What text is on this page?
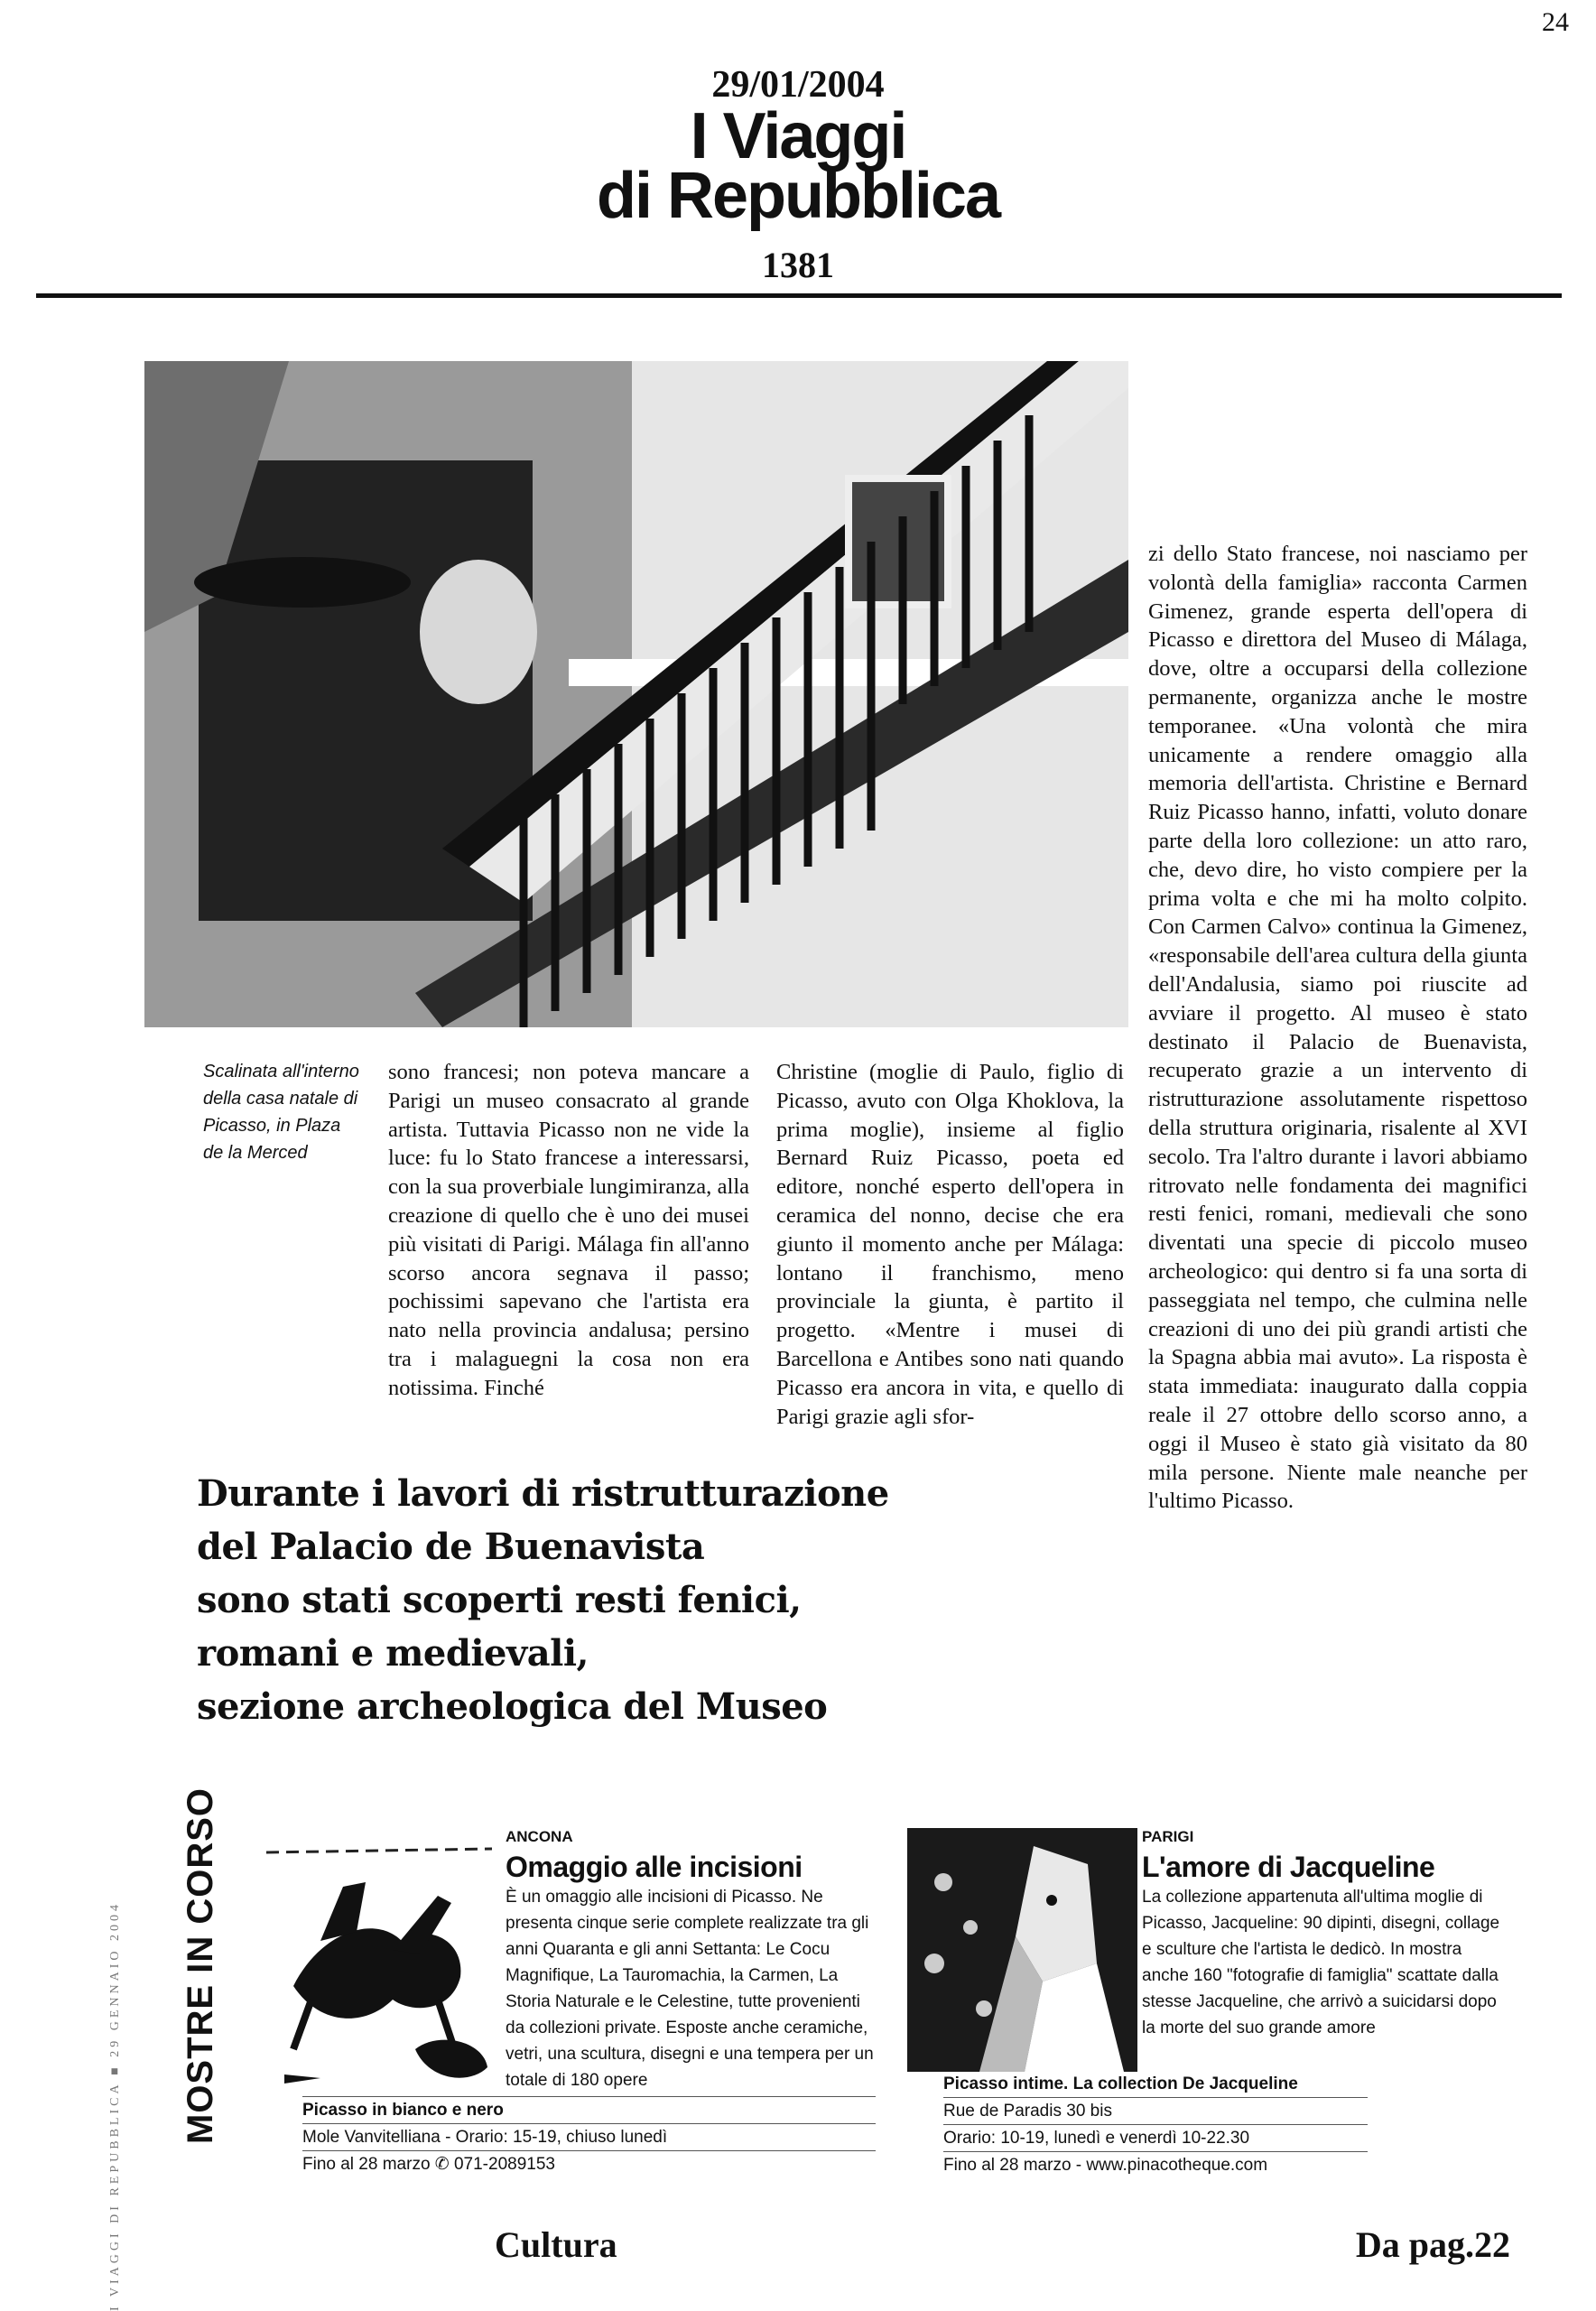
24
29/01/2004
I Viaggi
di Repubblica
1381
Scalinata all'interno della casa natale di Picasso, in Plaza de la Merced
sono francesi; non poteva mancare a Parigi un museo consacrato al grande artista. Tuttavia Picasso non ne vide la luce: fu lo Stato francese a interessarsi, con la sua proverbiale lungimiranza, alla creazione di quello che è uno dei musei più visitati di Parigi. Málaga fin all'anno scorso ancora segnava il passo; pochissimi sapevano che l'artista era nato nella provincia andalusa; persino tra i malaguegni la cosa non era notissima. Finché
Christine (moglie di Paulo, figlio di Picasso, avuto con Olga Khoklova, la prima moglie), insieme al figlio Bernard Ruiz Picasso, poeta ed editore, nonché esperto dell'opera in ceramica del nonno, decise che era giunto il momento anche per Málaga: lontano il franchismo, meno provinciale la giunta, è partito il progetto. «Mentre i musei di Barcellona e Antibes sono nati quando Picasso era ancora in vita, e quello di Parigi grazie agli sfor-
zi dello Stato francese, noi nasciamo per volontà della famiglia» racconta Carmen Gimenez, grande esperta dell'opera di Picasso e direttora del Museo di Málaga, dove, oltre a occuparsi della collezione permanente, organizza anche le mostre temporanee. «Una volontà che mira unicamente a rendere omaggio alla memoria dell'artista. Christine e Bernard Ruiz Picasso hanno, infatti, voluto donare parte della loro collezione: un atto raro, che, devo dire, ho visto compiere per la prima volta e che mi ha molto colpito. Con Carmen Calvo» continua la Gimenez, «responsabile dell'area cultura della giunta dell'Andalusia, siamo poi riuscite ad avviare il progetto. Al museo è stato destinato il Palacio de Buenavista, recuperato grazie a un intervento di ristrutturazione assolutamente rispettoso della struttura originaria, risalente al XVI secolo. Tra l'altro durante i lavori abbiamo ritrovato nelle fondamenta dei magnifici resti fenici, romani, medievali che sono diventati una specie di piccolo museo archeologico: qui dentro si fa una sorta di passeggiata nel tempo, che culmina nelle creazioni di uno dei più grandi artisti che la Spagna abbia mai avuto». La risposta è stata immediata: inaugurato dalla coppia reale il 27 ottobre dello scorso anno, a oggi il Museo è stato già visitato da 80 mila persone. Niente male neanche per l'ultimo Picasso.
Durante i lavori di ristrutturazione
del Palacio de Buenavista
sono stati scoperti resti fenici,
romani e medievali,
sezione archeologica del Museo
I VIAGGI DI REPUBBLICA ■ 29 GENNAIO 2004 MOSTRE IN CORSO	ANCONA
Omaggio alle incisioni
È un omaggio alle incisioni di Picasso. Ne presenta cinque serie complete realizzate tra gli anni Quaranta e gli anni Settanta: Le Cocu Magnifique, La Tauromachia, la Carmen, La Storia Naturale e le Celestine, tutte provenienti da collezioni private. Esposte anche ceramiche, vetri, una scultura, disegni e una tempera per un totale di 180 opere
Picasso in bianco e nero
Mole Vanvitelliana - Orario: 15-19, chiuso lunedì
Fino al 28 marzo ✆ 071-2089153
PARIGI
L'amore di Jacqueline
La collezione appartenuta all'ultima moglie di Picasso, Jacqueline: 90 dipinti, disegni, collage e sculture che l'artista le dedicò. In mostra anche 160 "fotografie di famiglia" scattate dalla stesse Jacqueline, che arrivò a suicidarsi dopo la morte del suo grande amore
Picasso intime. La collection De Jacqueline
Rue de Paradis 30 bis
Orario: 10-19, lunedì e venerdì 10-22.30
Fino al 28 marzo - www.pinacotheque.com
Cultura	Da pag.22
